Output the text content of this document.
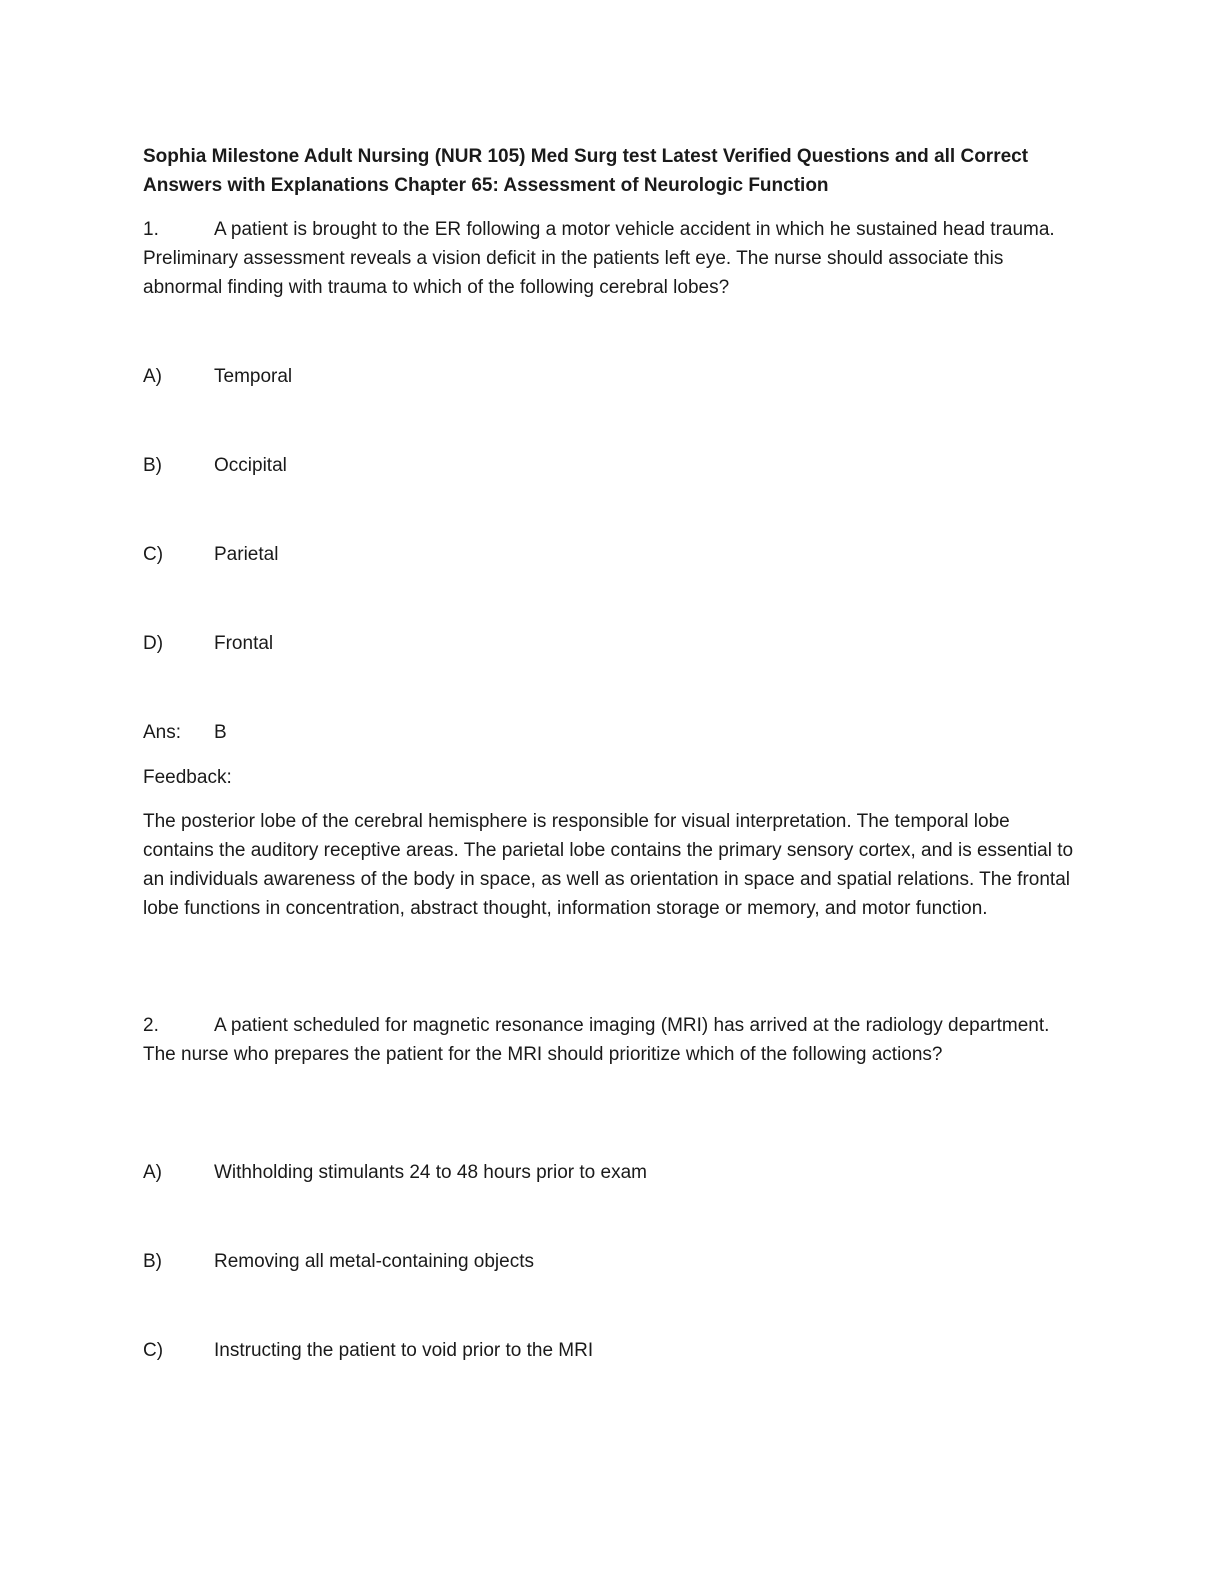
Sophia Milestone Adult Nursing (NUR 105) Med Surg test Latest Verified Questions and all Correct Answers with Explanations Chapter 65: Assessment of Neurologic Function

1.	A patient is brought to the ER following a motor vehicle accident in which he sustained head trauma. Preliminary assessment reveals a vision deficit in the patients left eye. The nurse should associate this abnormal finding with trauma to which of the following cerebral lobes?

A)	Temporal
B)	Occipital
C)	Parietal
D)	Frontal
Ans: B
Feedback:

The posterior lobe of the cerebral hemisphere is responsible for visual interpretation. The temporal lobe contains the auditory receptive areas. The parietal lobe contains the primary sensory cortex, and is essential to an individuals awareness of the body in space, as well as orientation in space and spatial relations. The frontal lobe functions in concentration, abstract thought, information storage or memory, and motor function.

2.	A patient scheduled for magnetic resonance imaging (MRI) has arrived at the radiology department. The nurse who prepares the patient for the MRI should prioritize which of the following actions?

A)	Withholding stimulants 24 to 48 hours prior to exam
B)	Removing all metal-containing objects
C)	Instructing the patient to void prior to the MRI
